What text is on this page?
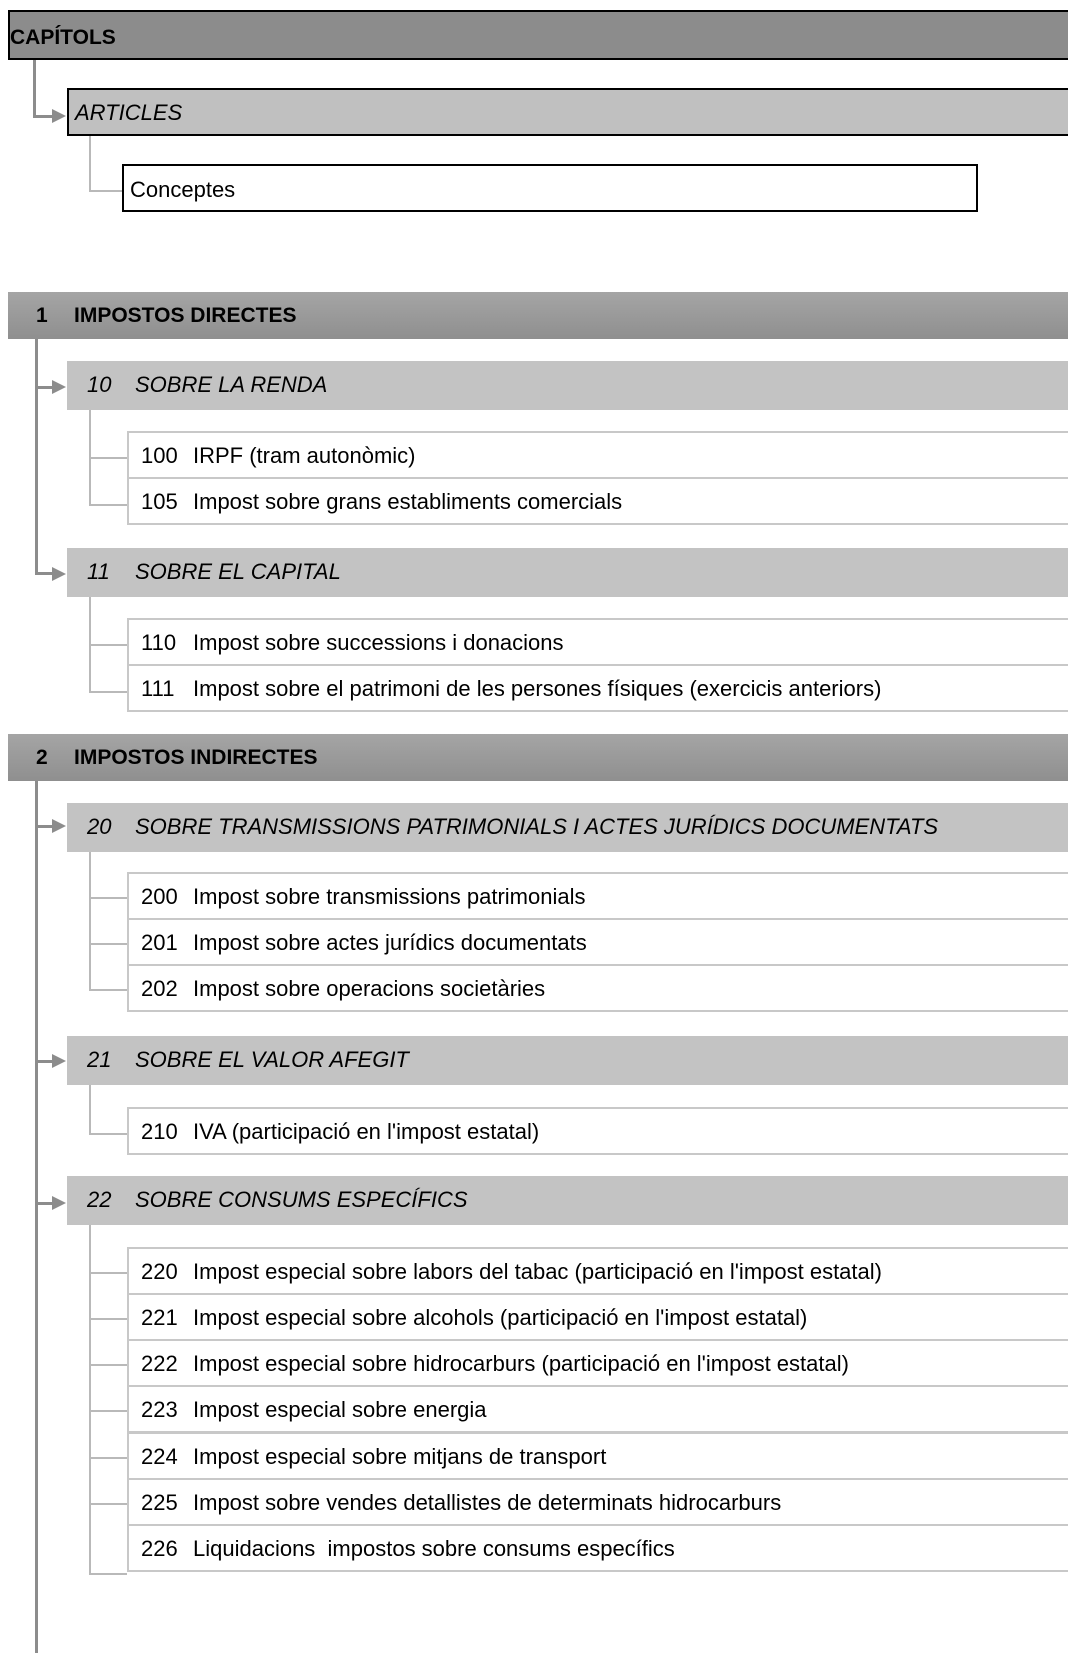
CAPÍTOLS
ARTICLES
Conceptes
1 IMPOSTOS DIRECTES
10 SOBRE LA RENDA
100 IRPF (tram autonòmic)
105 Impost sobre grans establiments comercials
11 SOBRE EL CAPITAL
110 Impost sobre successions i donacions
111 Impost sobre el patrimoni de les persones físiques (exercicis anteriors)
2 IMPOSTOS INDIRECTES
20 SOBRE TRANSMISSIONS PATRIMONIALS I ACTES JURÍDICS DOCUMENTATS
200 Impost sobre transmissions patrimonials
201 Impost sobre actes jurídics documentats
202 Impost sobre operacions societàries
21 SOBRE EL VALOR AFEGIT
210 IVA (participació en l'impost estatal)
22 SOBRE CONSUMS ESPECÍFICS
220 Impost especial sobre labors del tabac (participació en l'impost estatal)
221 Impost especial sobre alcohols (participació en l'impost estatal)
222 Impost especial sobre hidrocarburs (participació en l'impost estatal)
223 Impost especial sobre energia
224 Impost especial sobre mitjans de transport
225 Impost sobre vendes detallistes de determinats hidrocarburs
226 Liquidacions  impostos sobre consums específics
